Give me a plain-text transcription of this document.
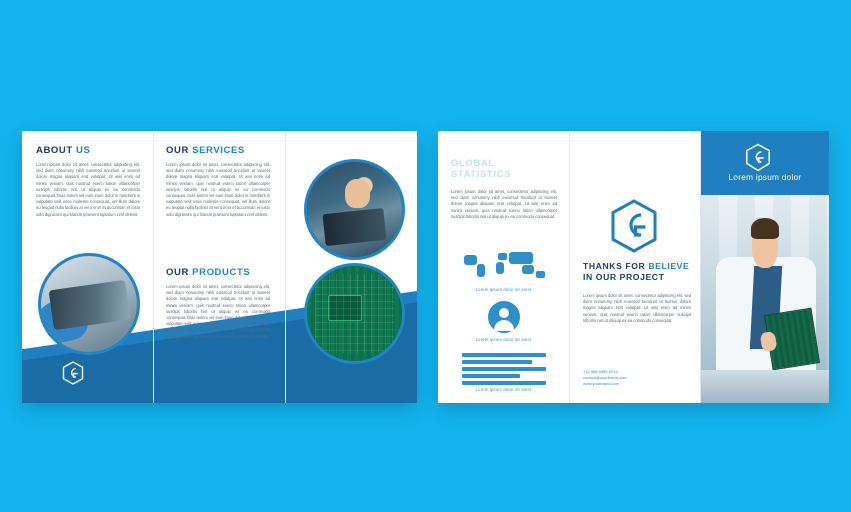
ABOUT US
Lorem ipsum dolor sit amet, consectetur adipiscing elit, sed diam nonummy nibh euismod tincidunt ut laoreet dolore magna aliquam erat volutpat. Ut wisi enim ad minim veniam, quis nostrud exerci tation ullamcorper suscipit lobortis nisl ut aliquip ex ea commodo consequat. Duis autem vel eum iriure dolor in hendrerit in vulputate velit esse molestie consequat, vel illum dolore eu feugiat nulla facilisis at vero eros et accumsan et iusto odio dignissim qui blandit praesent luptatum zzril delenit.
OUR SERVICES
Lorem ipsum dolor sit amet, consectetur adipiscing elit, sed diam nonummy nibh euismod tincidunt ut laoreet dolore magna aliquam erat volutpat. Ut wisi enim ad minim veniam, quis nostrud exerci tation ullamcorper suscipit lobortis nisl ut aliquip ex ea commodo consequat. Duis autem vel eum iriure dolor in hendrerit in vulputate velit esse molestie consequat, vel illum dolore eu feugiat nulla facilisis at vero eros et accumsan et iusto odio dignissim qui blandit praesent luptatum zzril delenit.
OUR PRODUCTS
Lorem ipsum dolor sit amet, consectetur adipiscing elit, sed diam nonummy nibh euismod tincidunt ut laoreet dolore magna aliquam erat volutpat. Ut wisi enim ad minim veniam, quis nostrud exerci tation ullamcorper suscipit lobortis nisl ut aliquip ex ea commodo consequat. Duis autem vel eum iriure dolor in hendrerit in vulputate velit esse molestie consequat, vel illum dolore eu feugiat nulla facilisis at vero eros et accumsan et iusto odio dignissim qui blandit praesent luptatum zzril delenit.
LAST YEAR
GLOBAL STATISTICS
Lorem ipsum dolor sit amet, consectetur adipiscing elit, sed diam nonummy nibh euismod tincidunt ut laoreet dolore magna aliquam erat volutpat. Ut wisi enim ad minim veniam, quis nostrud exerci tation ullamcorper suscipit lobortis nisl ut aliquip ex ea commodo consequat.
Lorem ipsum dolor sit amet
Lorem ipsum dolor sit amet
Lorem ipsum dolor sit amet
THANKS FOR BELIEVE
IN OUR PROJECT
Lorem ipsum dolor sit amet, consectetur adipiscing elit, sed diam nonummy nibh euismod tincidunt ut laoreet dolore magna aliquam erat volutpat. Ut wisi enim ad minim veniam, quis nostrud exerci tation ullamcorper suscipit lobortis nisl ut aliquip ex ea commodo consequat.
+12 588 5489 5214
contact@yourbrand.com
www.yourbrand.com
Lorem ipsum dolor
